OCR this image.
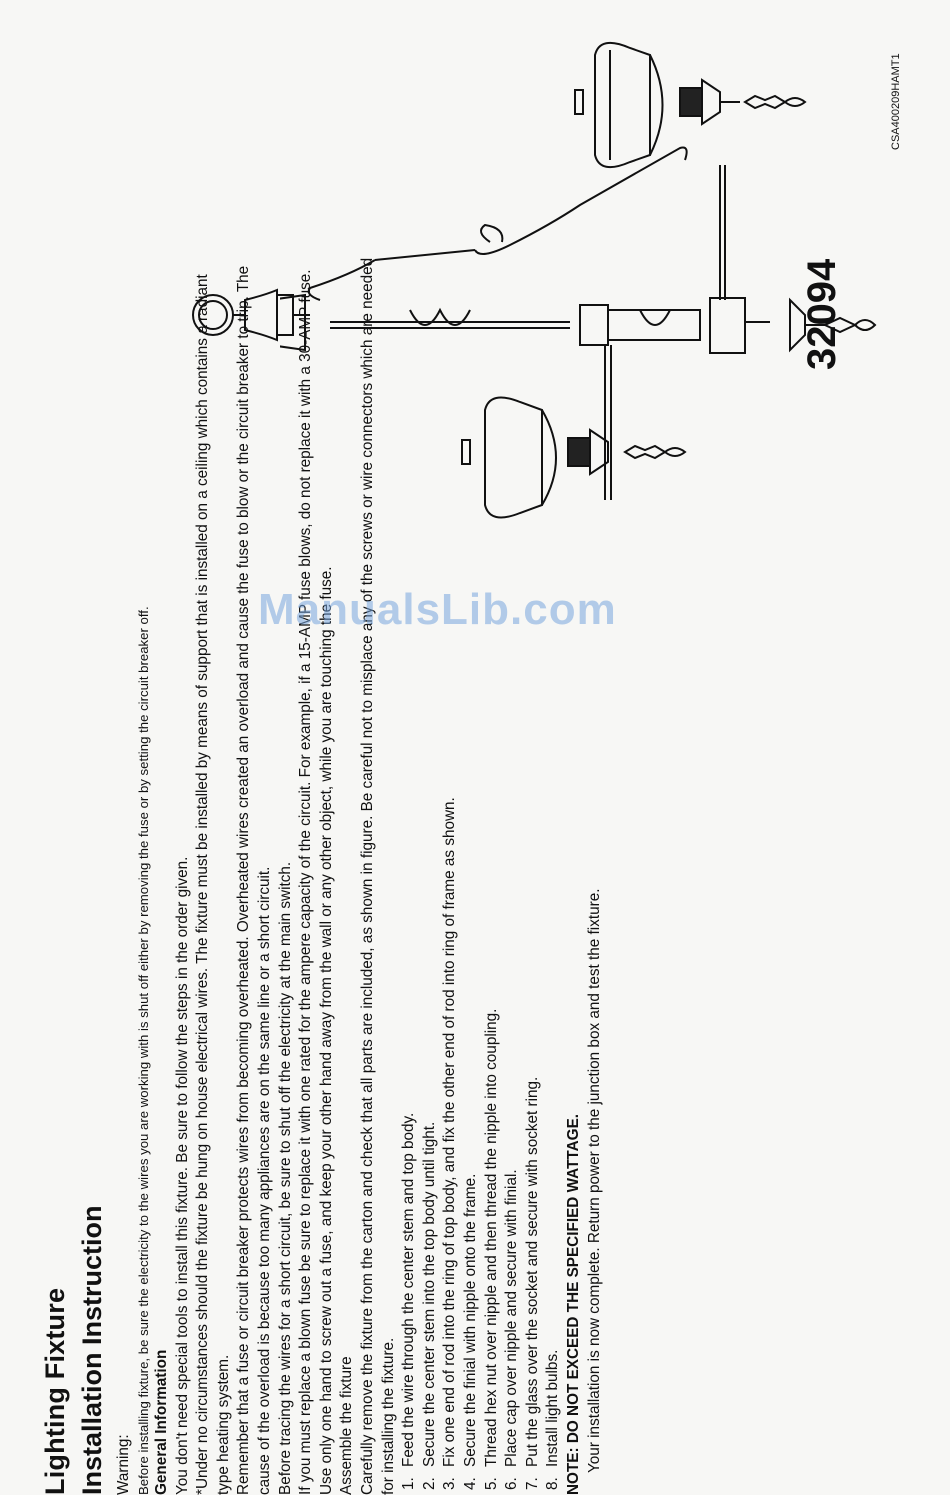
Lighting Fixture Installation Instruction Warning: Before installing fixture, be sure the electricity to the wires you are working with is shut off either by removing the fuse or by setting the circuit breaker off. General Information You don't need special tools to install this fixture. Be sure to follow the steps in the order given. *Under no circumstances should the fixture be hung on house electrical wires. The fixture must be installed by means of support that is installed on a ceiling which contains a radiant type heating system. Remember that a fuse or circuit breaker protects wires from becoming overheated. Overheated wires created an overload and cause the fuse to blow or the circuit breaker to trip. The cause of the overload is because too many appliances are on the same line or a short circuit. Before tracing the wires for a short circuit, be sure to shut off the electricity at the main switch. If you must replace a blown fuse be sure to replace it with one rated for the ampere capacity of the circuit. For example, if a 15-AMP fuse blows, do not replace it with a 30-AMP fuse. Use only one hand to screw out a fuse, and keep your other hand away from the wall or any other object, while you are touching the fuse. Assemble the fixture Carefully remove the fixture from the carton and check that all parts are included, as shown in figure. Be careful not to misplace any of the screws or wire connectors which are needed for installing the fixture. 1. Feed the wire through the center stem and top body. 2. Secure the center stem into the top body until tight. 3. Fix one end of rod into the ring of top body, and fix the other end of rod into ring of frame as shown. 4. Secure the finial with nipple onto the frame. 5. Thread hex nut over nipple and then thread the nipple into coupling. 6. Place cap over nipple and secure with finial. 7. Put the glass over the socket and secure with socket ring. 8. Install light bulbs. NOTE: DO NOT EXCEED THE SPECIFIED WATTAGE. Your installation is now complete. Return power to the junction box and test the fixture.

ManualsLib.com
32094
CSA400209HAMT1
